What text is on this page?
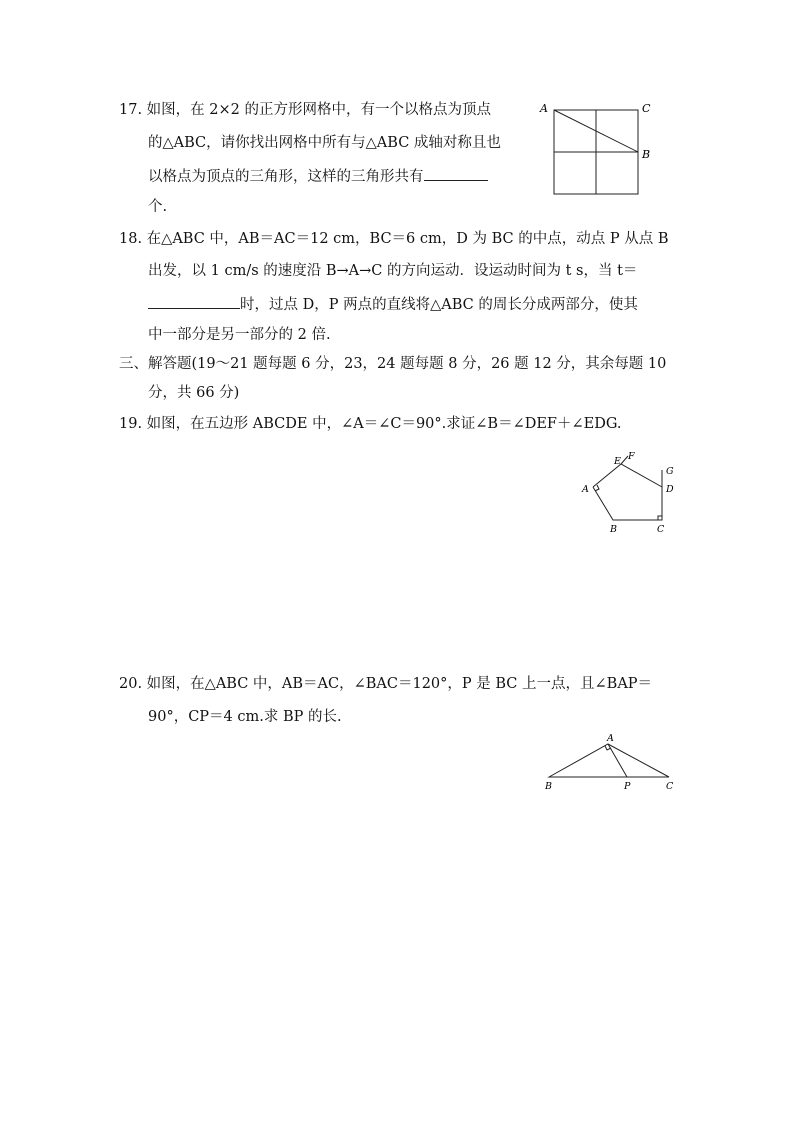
17. 如图，在 2×2 的正方形网格中，有一个以格点为顶点
的△ABC，请你找出网格中所有与△ABC 成轴对称且也
以格点为顶点的三角形，这样的三角形共有
个.
A	C
B
18. 在△ABC 中，AB＝AC＝12 cm，BC＝6 cm，D 为 BC 的中点，动点 P 从点 B
出发，以 1 cm/s 的速度沿 B→A→C 的方向运动．设运动时间为 t s，当 t＝
时，过点 D，P 两点的直线将△ABC 的周长分成两部分，使其
中一部分是另一部分的 2 倍.
三、解答题(19～21 题每题 6 分，23，24 题每题 8 分，26 题 12 分，其余每题 10
分，共 66 分)
19. 如图，在五边形 ABCDE 中，∠A＝∠C＝90°.求证∠B＝∠DEF＋∠EDG.
A
B	C
D
E F
G
20. 如图，在△ABC 中，AB＝AC，∠BAC＝120°，P 是 BC 上一点，且∠BAP＝
90°，CP＝4 cm.求 BP 的长.
A
B	P	C
